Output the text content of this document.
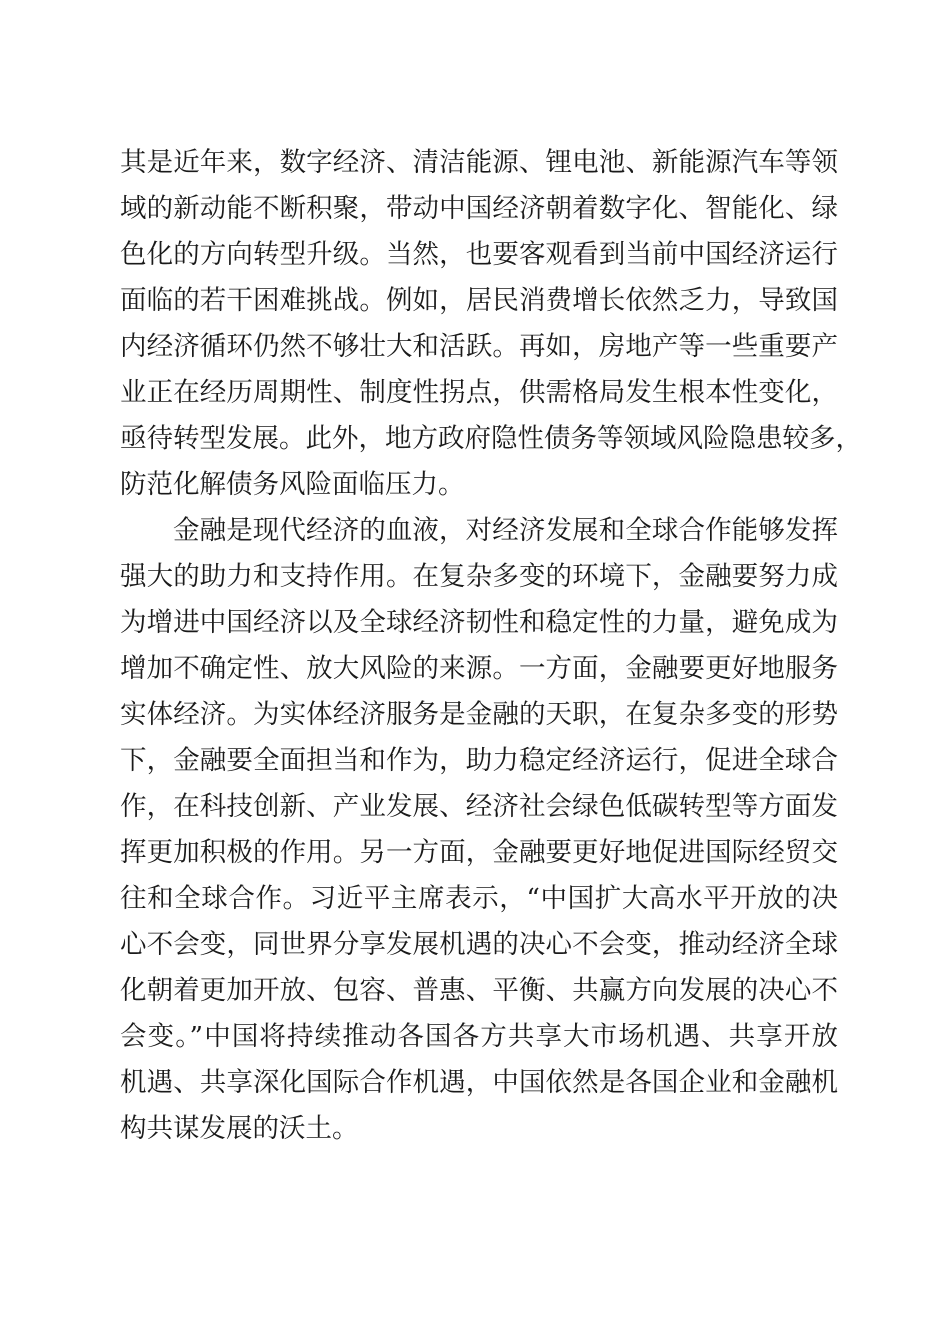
其是近年来，数字经济、清洁能源、锂电池、新能源汽车等领
域的新动能不断积聚，带动中国经济朝着数字化、智能化、绿
色化的方向转型升级。当然，也要客观看到当前中国经济运行
面临的若干困难挑战。例如，居民消费增长依然乏力，导致国
内经济循环仍然不够壮大和活跃。再如，房地产等一些重要产
业正在经历周期性、制度性拐点，供需格局发生根本性变化，
亟待转型发展。此外，地方政府隐性债务等领域风险隐患较多，
防范化解债务风险面临压力。
金融是现代经济的血液，对经济发展和全球合作能够发挥
强大的助力和支持作用。在复杂多变的环境下，金融要努力成
为增进中国经济以及全球经济韧性和稳定性的力量，避免成为
增加不确定性、放大风险的来源。一方面，金融要更好地服务
实体经济。为实体经济服务是金融的天职，在复杂多变的形势
下，金融要全面担当和作为，助力稳定经济运行，促进全球合
作，在科技创新、产业发展、经济社会绿色低碳转型等方面发
挥更加积极的作用。另一方面，金融要更好地促进国际经贸交
往和全球合作。习近平主席表示，“中国扩大高水平开放的决
心不会变，同世界分享发展机遇的决心不会变，推动经济全球
化朝着更加开放、包容、普惠、平衡、共赢方向发展的决心不
会变。”中国将持续推动各国各方共享大市场机遇、共享开放
机遇、共享深化国际合作机遇，中国依然是各国企业和金融机
构共谋发展的沃土。
